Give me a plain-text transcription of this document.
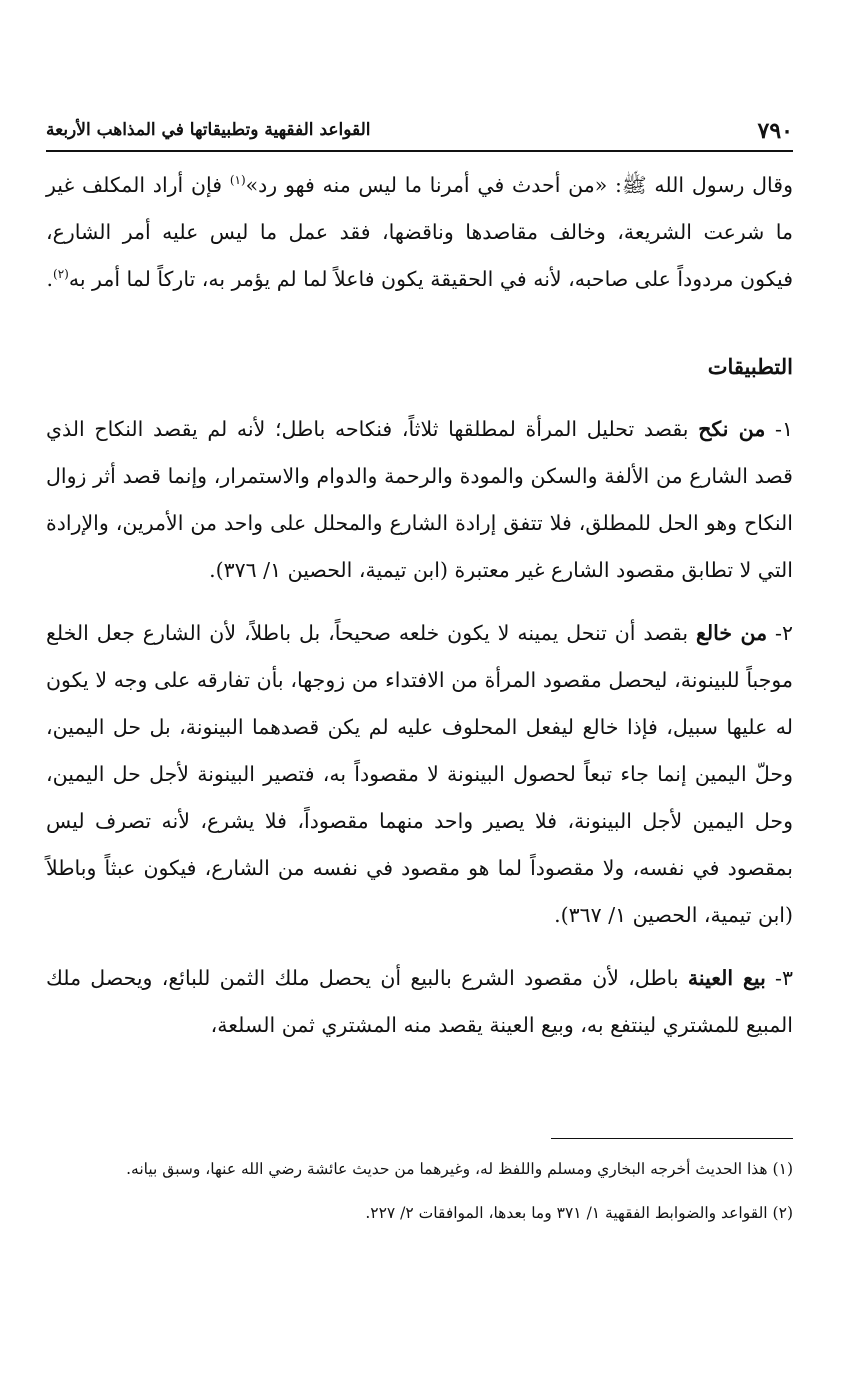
٧٩٠
القواعد الفقهية وتطبيقاتها في المذاهب الأربعة

وقال رسول الله ﷺ: «من أحدث في أمرنا ما ليس منه فهو رد»$^{(١)}$ فإن أراد المكلف غير ما شرعت الشريعة، وخالف مقاصدها وناقضها، فقد عمل ما ليس عليه أمر الشارع، فيكون مردوداً على صاحبه، لأنه في الحقيقة يكون فاعلاً لما لم يؤمر به، تاركاً لما أمر به$^{(٢)}$.

التطبيقات

١- من نكح بقصد تحليل المرأة لمطلقها ثلاثاً، فنكاحه باطل؛ لأنه لم يقصد النكاح الذي قصد الشارع من الألفة والسكن والمودة والرحمة والدوام والاستمرار، وإنما قصد أثر زوال النكاح وهو الحل للمطلق، فلا تتفق إرادة الشارع والمحلل على واحد من الأمرين، والإرادة التي لا تطابق مقصود الشارع غير معتبرة (ابن تيمية، الحصين ١/ ٣٧٦).

٢- من خالع بقصد أن تنحل يمينه لا يكون خلعه صحيحاً، بل باطلاً، لأن الشارع جعل الخلع موجباً للبينونة، ليحصل مقصود المرأة من الافتداء من زوجها، بأن تفارقه على وجه لا يكون له عليها سبيل، فإذا خالع ليفعل المحلوف عليه لم يكن قصدهما البينونة، بل حل اليمين، وحلّ اليمين إنما جاء تبعاً لحصول البينونة لا مقصوداً به، فتصير البينونة لأجل حل اليمين، وحل اليمين لأجل البينونة، فلا يصير واحد منهما مقصوداً، فلا يشرع، لأنه تصرف ليس بمقصود في نفسه، ولا مقصوداً لما هو مقصود في نفسه من الشارع، فيكون عبثاً وباطلاً (ابن تيمية، الحصين ١/ ٣٦٧).

٣- بيع العينة باطل، لأن مقصود الشرع بالبيع أن يحصل ملك الثمن للبائع، ويحصل ملك المبيع للمشتري لينتفع به، وبيع العينة يقصد منه المشتري ثمن السلعة،

(١) هذا الحديث أخرجه البخاري ومسلم واللفظ له، وغيرهما من حديث عائشة رضي الله عنها، وسبق بيانه.

(٢) القواعد والضوابط الفقهية ١/ ٣٧١ وما بعدها، الموافقات ٢/ ٢٢٧.
